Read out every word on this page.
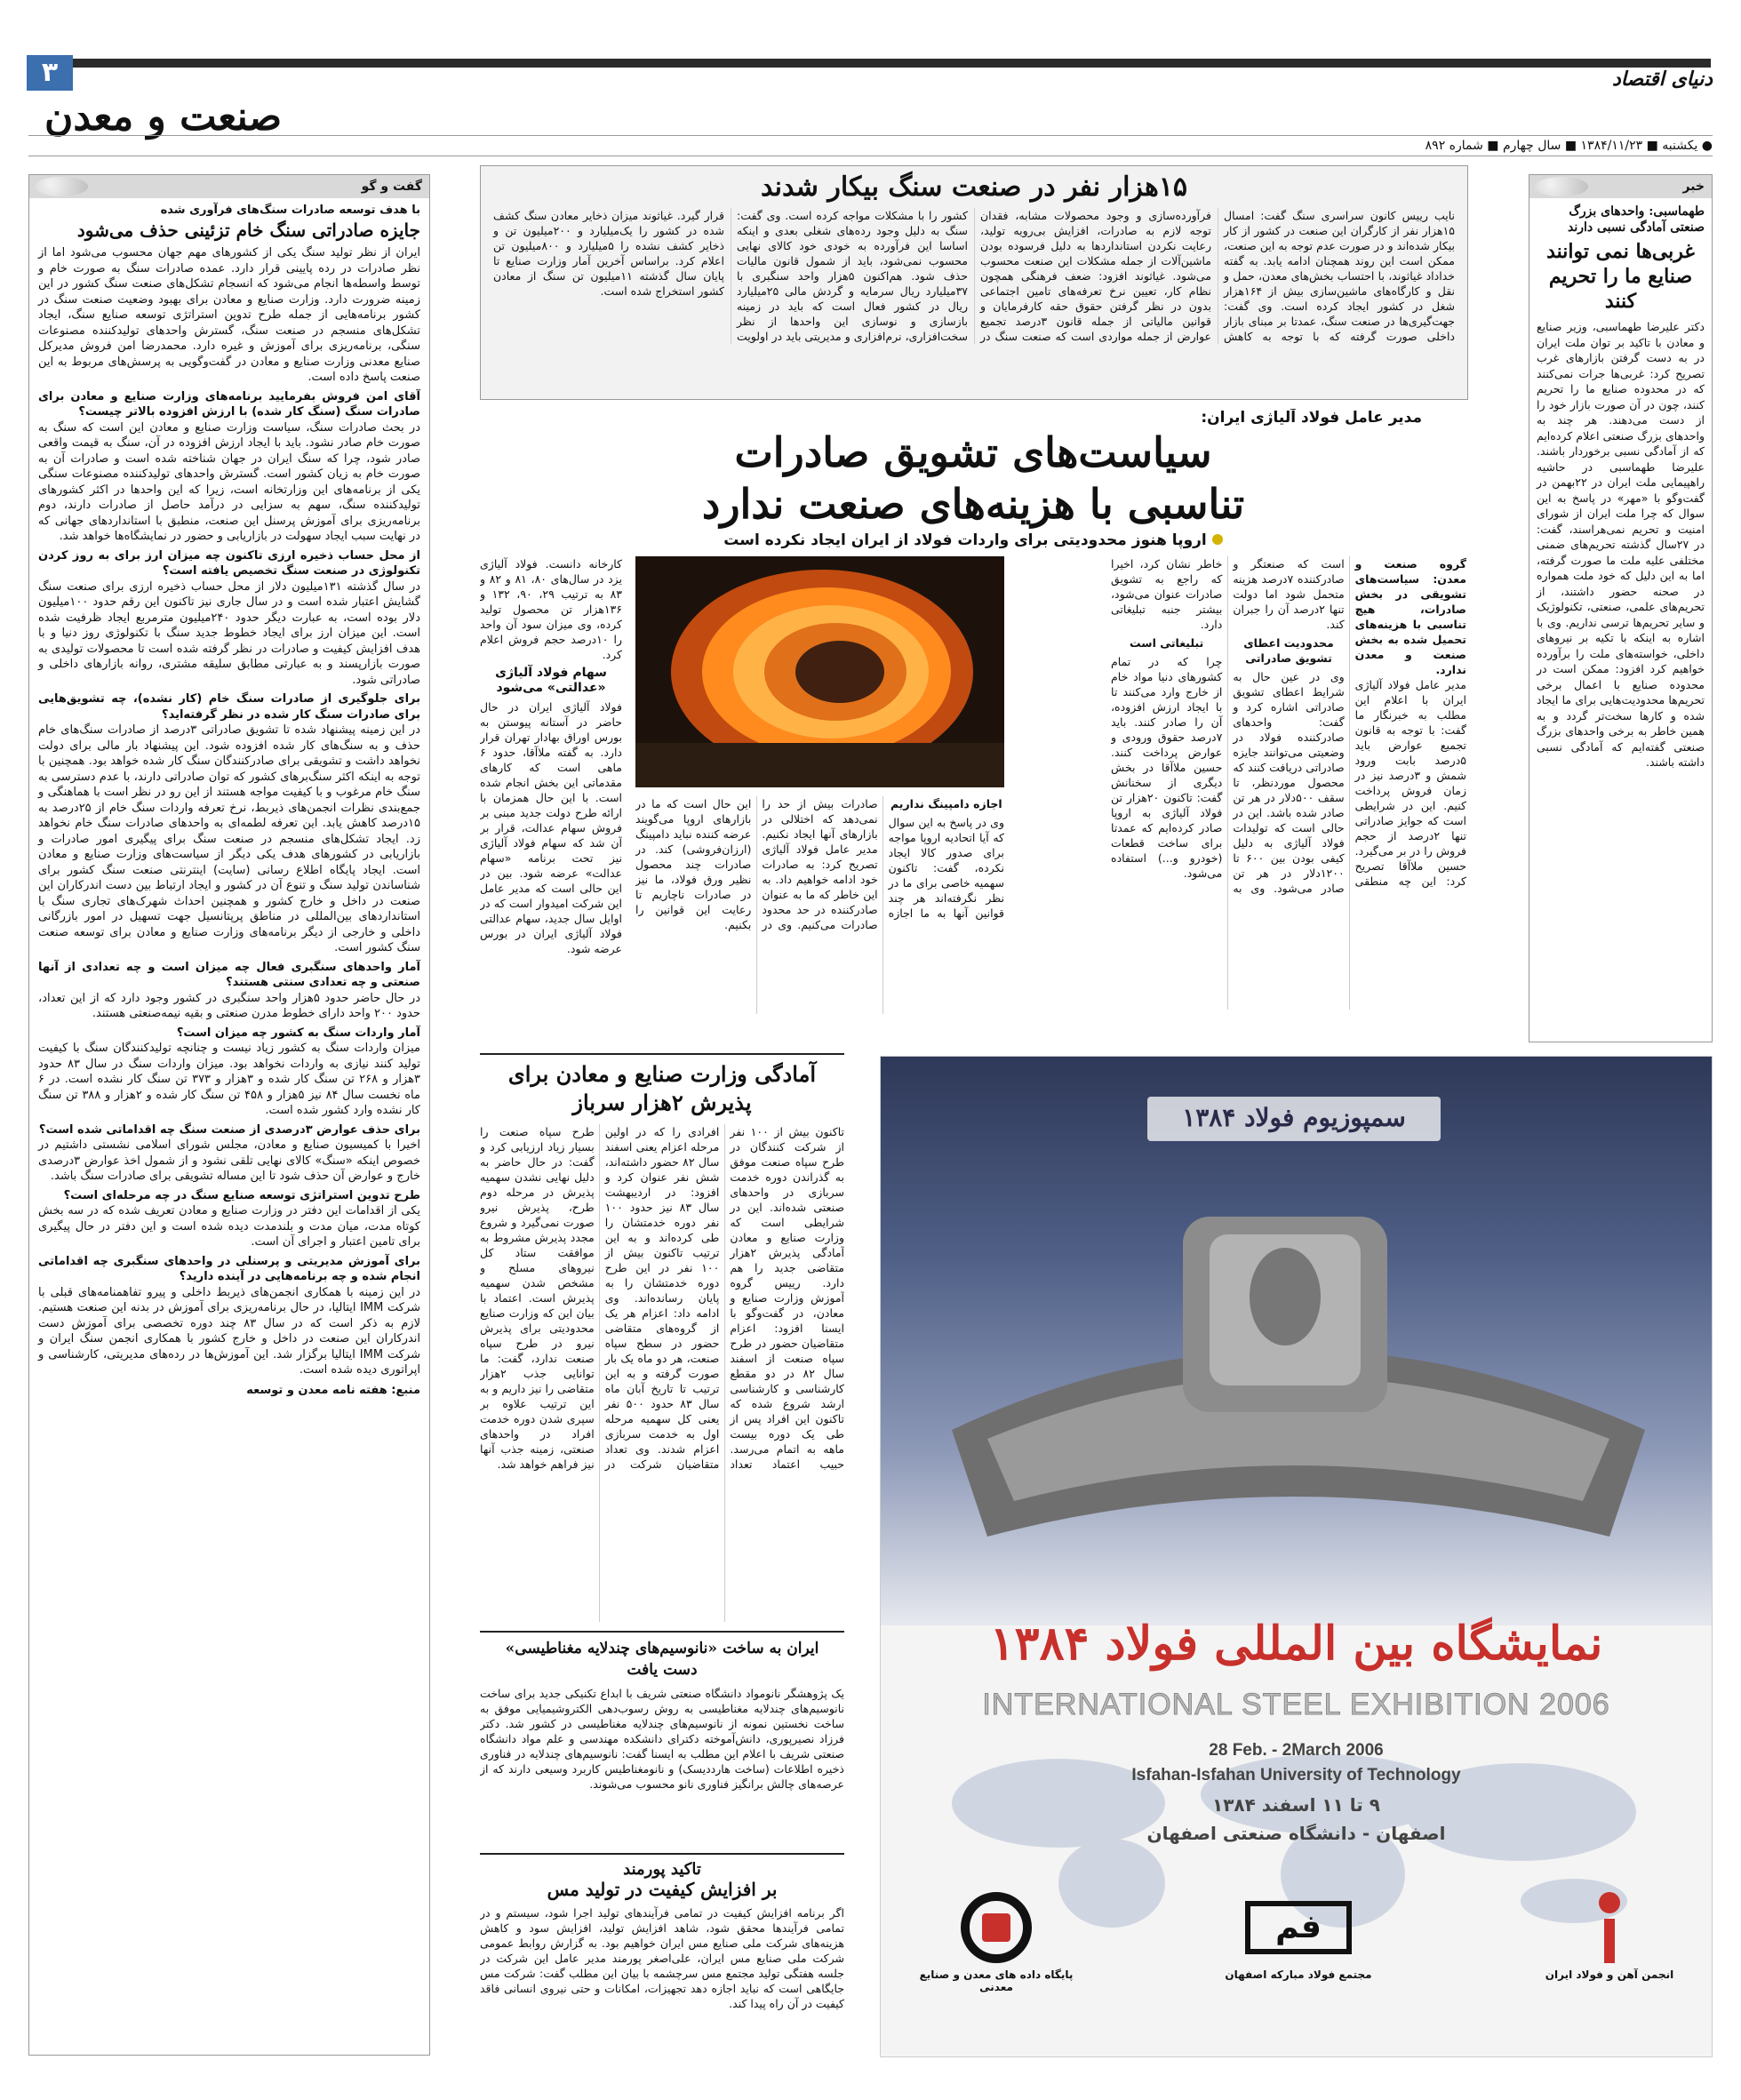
۳
صنعت و معدن
دنیای اقتصاد
● یکشنبه ■ ۱۳۸۴/۱۱/۲۳ ■ سال چهارم ■ شماره ۸۹۲
خبر
طهماسبی: واحدهای بزرگ صنعتی آمادگی نسبی دارند
غربی‌ها نمی توانند صنایع ما را تحریم کنند
دکتر علیرضا طهماسبی، وزیر صنایع و معادن با تاکید بر توان ملت ایران در به دست گرفتن بازارهای غرب تصریح کرد: غربی‌ها جرات نمی‌کنند که در محدوده صنایع ما را تحریم کنند، چون در آن صورت بازار خود را از دست می‌دهند. هر چند به واحدهای بزرگ صنعتی اعلام کرده‌ایم که از آمادگی نسبی برخوردار باشند. علیرضا طهماسبی در حاشیه راهپیمایی ملت ایران در ۲۲بهمن در گفت‌وگو با «مهر» در پاسخ به این سوال که چرا ملت ایران از شورای امنیت و تحریم نمی‌هراسند، گفت: در ۲۷سال گذشته تحریم‌های ضمنی مختلفی علیه ملت ما صورت گرفته، اما به این دلیل که خود ملت همواره در صحنه حضور داشتند، از تحریم‌های علمی، صنعتی، تکنولوژیک و سایر تحریم‌ها ترسی نداریم. وی با اشاره به اینکه با تکیه بر نیروهای داخلی، خواسته‌های ملت را برآورده خواهیم کرد افزود: ممکن است در محدوده صنایع با اعمال برخی تحریم‌ها محدودیت‌هایی برای ما ایجاد شده و کارها سخت‌تر گردد و به همین خاطر به برخی واحدهای بزرگ صنعتی گفته‌ایم که آمادگی نسبی داشته باشند.
گفت و گو
با هدف توسعه صادرات سنگ‌های فرآوری شده
جایزه صادراتی سنگ خام تزئینی حذف می‌شود
ایران از نظر تولید سنگ یکی از کشورهای مهم جهان محسوب می‌شود اما از نظر صادرات در رده پایینی قرار دارد. عمده صادرات سنگ به صورت خام و توسط واسطه‌ها انجام می‌شود که انسجام تشکل‌های صنعت سنگ کشور در این زمینه ضرورت دارد. وزارت صنایع و معادن برای بهبود وضعیت صنعت سنگ در کشور برنامه‌هایی از جمله طرح تدوین استراتژی توسعه صنایع سنگ، ایجاد تشکل‌های منسجم در صنعت سنگ، گسترش واحدهای تولیدکننده مصنوعات سنگی، برنامه‌ریزی برای آموزش و غیره دارد. محمدرضا امن فروش مدیرکل صنایع معدنی وزارت صنایع و معادن در گفت‌وگویی به پرسش‌های مربوط به این صنعت پاسخ داده است.
آقای امن فروش بفرمایید برنامه‌های وزارت صنایع و معادن برای صادرات سنگ (سنگ کار شده) با ارزش افزوده بالاتر چیست؟
در بحث صادرات سنگ، سیاست وزارت صنایع و معادن این است که سنگ به صورت خام صادر نشود. باید با ایجاد ارزش افزوده در آن، سنگ به قیمت واقعی صادر شود، چرا که سنگ ایران در جهان شناخته شده است و صادرات آن به صورت خام به زیان کشور است. گسترش واحدهای تولیدکننده مصنوعات سنگی یکی از برنامه‌های این وزارتخانه است، زیرا که این واحدها در اکثر کشورهای تولیدکننده سنگ، سهم به سزایی در درآمد حاصل از صادرات دارند، دوم برنامه‌ریزی برای آموزش پرسنل این صنعت، منطبق با استانداردهای جهانی که در نهایت سبب ایجاد سهولت در بازاریابی و حضور در نمایشگاه‌ها خواهد شد.
از محل حساب ذخیره ارزی تاکنون چه میزان ارز برای به روز کردن تکنولوژی در صنعت سنگ تخصیص یافته است؟
در سال گذشته ۱۳۱میلیون دلار از محل حساب ذخیره ارزی برای صنعت سنگ گشایش اعتبار شده است و در سال جاری نیز تاکنون این رقم حدود ۱۰۰میلیون دلار بوده است، به عبارت دیگر حدود ۲۴۰میلیون مترمربع ایجاد ظرفیت شده است. این میزان ارز برای ایجاد خطوط جدید سنگ با تکنولوژی روز دنیا و با هدف افزایش کیفیت و صادرات در نظر گرفته شده است تا محصولات تولیدی به صورت بازارپسند و به عبارتی مطابق سلیقه مشتری، روانه بازارهای داخلی و صادراتی شود.
برای جلوگیری از صادرات سنگ خام (کار نشده)، چه تشویق‌هایی برای صادرات سنگ کار شده در نظر گرفته‌اید؟
در این زمینه پیشنهاد شده تا تشویق صادراتی ۳درصد از صادرات سنگ‌های خام حذف و به سنگ‌های کار شده افزوده شود. این پیشنهاد بار مالی برای دولت نخواهد داشت و تشویقی برای صادرکنندگان سنگ کار شده خواهد بود. همچنین با توجه به اینکه اکثر سنگ‌برهای کشور که توان صادراتی دارند، با عدم دسترسی به سنگ خام مرغوب و با کیفیت مواجه هستند از این رو در نظر است با هماهنگی و جمع‌بندی نظرات انجمن‌های ذیربط، نرخ تعرفه واردات سنگ خام از ۲۵درصد به ۱۵درصد کاهش یابد. این تعرفه لطمه‌ای به واحدهای صادرات سنگ خام نخواهد زد. ایجاد تشکل‌های منسجم در صنعت سنگ برای پیگیری امور صادرات و بازاریابی در کشورهای هدف یکی دیگر از سیاست‌های وزارت صنایع و معادن است. ایجاد پایگاه اطلاع رسانی (سایت) اینترنتی صنعت سنگ کشور برای شناساندن تولید سنگ و تنوع آن در کشور و ایجاد ارتباط بین دست اندرکاران این صنعت در داخل و خارج کشور و همچنین احداث شهرک‌های تجاری سنگ با استانداردهای بین‌المللی در مناطق پرپتانسیل جهت تسهیل در امور بازرگانی داخلی و خارجی از دیگر برنامه‌های وزارت صنایع و معادن برای توسعه صنعت سنگ کشور است.
آمار واحدهای سنگبری فعال چه میزان است و چه تعدادی از آنها صنعتی و چه تعدادی سنتی هستند؟
در حال حاضر حدود ۵هزار واحد سنگبری در کشور وجود دارد که از این تعداد، حدود ۲۰۰ واحد دارای خطوط مدرن صنعتی و بقیه نیمه‌صنعتی هستند.
آمار واردات سنگ به کشور چه میزان است؟
میزان واردات سنگ به کشور زیاد نیست و چنانچه تولیدکنندگان سنگ با کیفیت تولید کنند نیازی به واردات نخواهد بود. میزان واردات سنگ در سال ۸۳ حدود ۳هزار و ۲۶۸ تن سنگ کار شده و ۳هزار و ۳۷۳ تن سنگ کار نشده است. در ۶ ماه نخست سال ۸۴ نیز ۵هزار و ۴۵۸ تن سنگ کار شده و ۲هزار و ۳۸۸ تن سنگ کار نشده وارد کشور شده است.
برای حذف عوارض ۳درصدی از صنعت سنگ چه اقداماتی شده است؟
اخیرا با کمیسیون صنایع و معادن، مجلس شورای اسلامی نشستی داشتیم در خصوص اینکه «سنگ» کالای نهایی تلقی نشود و از شمول اخذ عوارض ۳درصدی خارج و عوارض آن حذف شود تا این مساله تشویقی برای صادرات سنگ باشد.
طرح تدوین استراتژی توسعه صنایع سنگ در چه مرحله‌ای است؟
یکی از اقدامات این دفتر در وزارت صنایع و معادن تعریف شده که در سه بخش کوتاه مدت، میان مدت و بلندمدت دیده شده است و این دفتر در حال پیگیری برای تامین اعتبار و اجرای آن است.
برای آموزش مدیریتی و پرسنلی در واحدهای سنگبری چه اقداماتی انجام شده و چه برنامه‌هایی در آینده دارید؟
در این زمینه با همکاری انجمن‌های ذیربط داخلی و پیرو تفاهمنامه‌های قبلی با شرکت IMM ایتالیا، در حال برنامه‌ریزی برای آموزش در بدنه این صنعت هستیم. لازم به ذکر است که در سال ۸۳ چند دوره تخصصی برای آموزش دست اندرکاران این صنعت در داخل و خارج کشور با همکاری انجمن سنگ ایران و شرکت IMM ایتالیا برگزار شد. این آموزش‌ها در رده‌های مدیریتی، کارشناسی و اپراتوری دیده شده است.
منبع: هفته نامه معدن و توسعه
۱۵هزار نفر در صنعت سنگ بیکار شدند
نایب رییس کانون سراسری سنگ گفت: امسال ۱۵هزار نفر از کارگران این صنعت در کشور از کار بیکار شده‌اند و در صورت عدم توجه به این صنعت، ممکن است این روند همچنان ادامه یابد. به گفته خداداد غیاثوند، با احتساب بخش‌های معدن، حمل و نقل و کارگاه‌های ماشین‌سازی بیش از ۱۶۴هزار شغل در کشور ایجاد کرده است. وی گفت: جهت‌گیری‌ها در صنعت سنگ، عمدتا بر مبنای بازار داخلی صورت گرفته که با توجه به کاهش فرآورده‌سازی و وجود محصولات مشابه، فقدان توجه لازم به صادرات، افزایش بی‌رویه تولید، رعایت نکردن استانداردها به دلیل فرسوده بودن ماشین‌آلات از جمله مشکلات این صنعت محسوب می‌شود. غیاثوند افزود: ضعف فرهنگی همچون نظام کار، تعیین نرخ تعرفه‌های تامین اجتماعی بدون در نظر گرفتن حقوق حقه کارفرمایان و قوانین مالیاتی از جمله قانون ۳درصد تجمیع عوارض از جمله مواردی است که صنعت سنگ در کشور را با مشکلات مواجه کرده است. وی گفت: سنگ به دلیل وجود رده‌های شغلی بعدی و اینکه اساسا این فرآورده به خودی خود کالای نهایی محسوب نمی‌شود، باید از شمول قانون مالیات حذف شود. هم‌اکنون ۵هزار واحد سنگبری با ۳۷میلیارد ریال سرمایه و گردش مالی ۲۵میلیارد ریال در کشور فعال است که باید در زمینه بازسازی و نوسازی این واحدها از نظر سخت‌افزاری، نرم‌افزاری و مدیریتی باید در اولویت قرار گیرد. غیاثوند میزان ذخایر معادن سنگ کشف شده در کشور را یک‌میلیارد و ۲۰۰میلیون تن و ذخایر کشف نشده را ۵میلیارد و ۸۰۰میلیون تن اعلام کرد. براساس آخرین آمار وزارت صنایع تا پایان سال گذشته ۱۱میلیون تن سنگ از معادن کشور استخراج شده است.
مدیر عامل فولاد آلیاژی ایران:
سیاست‌های تشویق صادرات
تناسبی با هزینه‌های صنعت ندارد
اروپا هنوز محدودیتی برای واردات فولاد از ایران ایجاد نکرده است
گروه صنعت و معدن: سیاست‌های تشویقی در بخش صادرات، هیچ تناسبی با هزینه‌های تحمیل شده به بخش صنعت و معدن ندارد.

مدیر عامل فولاد آلیاژی ایران با اعلام این مطلب به خبرنگار ما گفت: با توجه به قانون تجمیع عوارض باید ۵درصد بابت ورود شمش و ۳درصد نیز در زمان فروش پرداخت کنیم. این در شرایطی است که جوایز صادراتی تنها ۲درصد از حجم فروش را در بر می‌گیرد. حسین ملاآقا تصریح کرد: این چه منطقی است که صنعتگر و صادرکننده ۷درصد هزینه متحمل شود اما دولت تنها ۲درصد آن را جبران کند.

محدودیت اعطای تشویق صادراتی

وی در عین حال به شرایط اعطای تشویق صادراتی اشاره کرد و گفت: واحدهای صادرکننده فولاد در وضعیتی می‌توانند جایزه صادراتی دریافت کنند که محصول موردنظر، تا سقف ۵۰۰دلار در هر تن صادر شده باشد. این در حالی است که تولیدات فولاد آلیاژی به دلیل کیفی بودن بین ۶۰۰ تا ۱۲۰۰دلار در هر تن صادر می‌شود. وی به خاطر نشان کرد، اخیرا که راجع به تشویق صادرات عنوان می‌شود، بیشتر جنبه تبلیغاتی دارد.

تبلیغاتی است

چرا که در تمام کشورهای دنیا مواد خام از خارج وارد می‌کنند تا با ایجاد ارزش افزوده، آن را صادر کنند. باید ۷درصد حقوق ورودی و عوارض پرداخت کنند. حسین ملاآقا در بخش دیگری از سخنانش گفت: تاکنون ۲۰هزار تن فولاد آلیاژی به اروپا صادر کرده‌ایم که عمدتا برای ساخت قطعات (خودرو و...) استفاده می‌شود.

اجازه دامپینگ نداریم

وی در پاسخ به این سوال که آیا اتحادیه اروپا مواجه برای صدور کالا ایجاد نکرده، گفت: تاکنون سهمیه خاصی برای ما در نظر نگرفته‌اند هر چند قوانین آنها به ما اجازه صادرات بیش از حد را نمی‌دهد که اختلالی در بازارهای آنها ایجاد نکنیم. مدیر عامل فولاد آلیاژی تصریح کرد: به صادرات خود ادامه خواهیم داد. به این خاطر که ما به عنوان صادرکننده در حد محدود صادرات می‌کنیم. وی در این حال است که ما در بازارهای اروپا می‌گویند عرضه کننده نباید دامپینگ (ارزان‌فروشی) کند. در صادرات چند محصول نظیر ورق فولاد، ما نیز در صادرات ناچاریم تا رعایت این قوانین را بکنیم.

کارخانه دانست. فولاد آلیاژی یزد در سال‌های ۸۰، ۸۱ و ۸۲ و ۸۳ به ترتیب ۲۹، ۹۰، ۱۳۲ و ۱۳۶هزار تن محصول تولید کرده، وی میزان سود آن واحد را ۱۰درصد حجم فروش اعلام کرد.

سهام فولاد آلیاژی «عدالتی» می‌شود

فولاد آلیاژی ایران در حال حاضر در آستانه پیوستن به بورس اوراق بهادار تهران قرار دارد. به گفته ملاآقا، حدود ۶ ماهی است که کارهای مقدماتی این بخش انجام شده است. با این حال همزمان با ارائه طرح دولت جدید مبنی بر فروش سهام عدالت، قرار بر آن شد که سهام فولاد آلیاژی نیز تحت برنامه «سهام عدالت» عرضه شود. بین در این حالی است که مدیر عامل این شرکت امیدوار است که در اوایل سال جدید، سهام عدالتی فولاد آلیاژی ایران در بورس عرضه شود.

آمادگی وزارت صنایع و معادن برای پذیرش ۲هزار سرباز
تاکنون بیش از ۱۰۰ نفر از شرکت کنندگان در طرح سپاه صنعت موفق به گذراندن دوره خدمت سربازی در واحدهای صنعتی شده‌اند. این در شرایطی است که وزارت صنایع و معادن آمادگی پذیرش ۲هزار متقاضی جدید را هم دارد. رییس گروه آموزش وزارت صنایع و معادن، در گفت‌وگو با ایسنا افزود: اعزام متقاضیان حضور در طرح سپاه صنعت از اسفند سال ۸۲ در دو مقطع کارشناسی و کارشناسی ارشد شروع شده که تاکنون این افراد پس از طی یک دوره بیست ماهه به اتمام می‌رسد. حبیب اعتماد تعداد افرادی را که در اولین مرحله اعزام یعنی اسفند سال ۸۲ حضور داشته‌اند، شش نفر عنوان کرد و افزود: در اردیبهشت سال ۸۳ نیز حدود ۱۰۰ نفر دوره خدمتشان را طی کرده‌اند و به این ترتیب تاکنون بیش از ۱۰۰ نفر در این طرح دوره خدمتشان را به پایان رسانده‌اند. وی ادامه داد: اعزام هر یک از گروه‌های متقاضی حضور در سطح سپاه صنعت، هر دو ماه یک بار صورت گرفته و به این ترتیب تا تاریخ آبان ماه سال ۸۳ حدود ۵۰۰ نفر یعنی کل سهمیه مرحله اول به خدمت سربازی اعزام شدند. وی تعداد متقاضیان شرکت در طرح سپاه صنعت را بسیار زیاد ارزیابی کرد و گفت: در حال حاضر به دلیل نهایی نشدن سهمیه پذیرش در مرحله دوم طرح، پذیرش نیرو صورت نمی‌گیرد و شروع مجدد پذیرش مشروط به موافقت ستاد کل نیروهای مسلح و مشخص شدن سهمیه پذیرش است. اعتماد با بیان این که وزارت صنایع محدودیتی برای پذیرش نیرو در طرح سپاه صنعت ندارد، گفت: ما توانایی جذب ۲هزار متقاضی را نیز داریم و به این ترتیب علاوه بر سپری شدن دوره خدمت افراد در واحدهای صنعتی، زمینه جذب آنها نیز فراهم خواهد شد.
ایران به ساخت «نانوسیم‌های چندلایه مغناطیسی» دست یافت
یک پژوهشگر نانومواد دانشگاه صنعتی شریف با ابداع تکنیکی جدید برای ساخت نانوسیم‌های چندلایه مغناطیسی به روش رسوب‌دهی الکتروشیمیایی موفق به ساخت نخستین نمونه از نانوسیم‌های چندلایه مغناطیسی در کشور شد. دکتر فرزاد نصیرپوری، دانش‌آموخته دکترای دانشکده مهندسی و علم مواد دانشگاه صنعتی شریف با اعلام این مطلب به ایسنا گفت: نانوسیم‌های چندلایه در فناوری ذخیره اطلاعات (ساخت هارددیسک) و نانومغناطیس کاربرد وسیعی دارند که از عرصه‌های چالش برانگیز فناوری نانو محسوب می‌شوند.
تاکید پورمند
بر افزایش کیفیت در تولید مس
اگر برنامه افزایش کیفیت در تمامی فرآیندهای تولید اجرا شود، سیستم و در تمامی فرآیندها محقق شود، شاهد افزایش تولید، افزایش سود و کاهش هزینه‌های شرکت ملی صنایع مس ایران خواهیم بود. به گزارش روابط عمومی شرکت ملی صنایع مس ایران، علی‌اصغر پورمند مدیر عامل این شرکت در جلسه هفتگی تولید مجتمع مس سرچشمه با بیان این مطلب گفت: شرکت مس جایگاهی است که نباید اجازه دهد تجهیزات، امکانات و حتی نیروی انسانی فاقد کیفیت در آن راه پیدا کند.
سمپوزیوم فولاد ۱۳۸۴
نمایشگاه بین المللی فولاد ۱۳۸۴
INTERNATIONAL STEEL EXHIBITION 2006
28 Feb. - 2March 2006
Isfahan-Isfahan University of Technology
۹ تا ۱۱ اسفند ۱۳۸۴
اصفهان - دانشگاه صنعتی اصفهان
پایگاه داده های معدن و صنایع معدنی
فم
مجتمع فولاد مبارکه اصفهان	انجمن آهن و فولاد ایران
